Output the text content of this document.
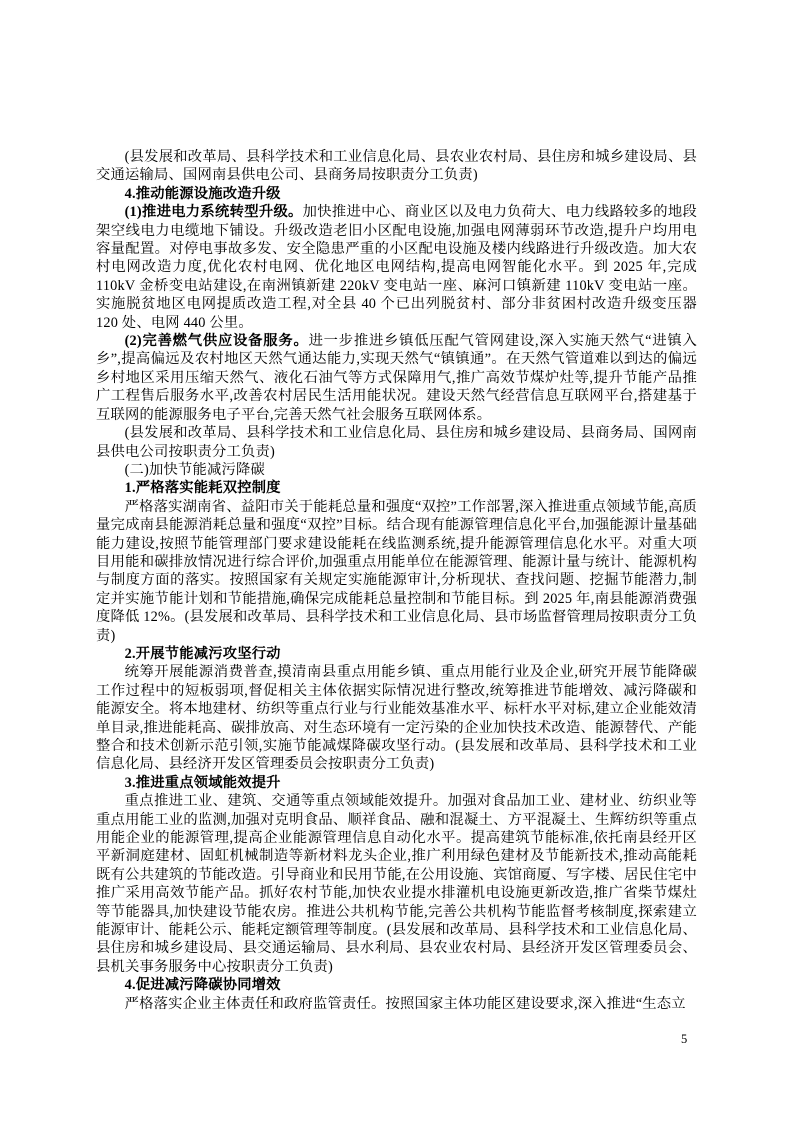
(县发展和改革局、县科学技术和工业信息化局、县农业农村局、县住房和城乡建设局、县交通运输局、国网南县供电公司、县商务局按职责分工负责)

4.推动能源设施改造升级

(1)推进电力系统转型升级。加快推进中心、商业区以及电力负荷大、电力线路较多的地段架空线电力电缆地下铺设。升级改造老旧小区配电设施,加强电网薄弱环节改造,提升户均用电容量配置。对停电事故多发、安全隐患严重的小区配电设施及楼内线路进行升级改造。加大农村电网改造力度,优化农村电网、优化地区电网结构,提高电网智能化水平。到 2025 年,完成 110kV 金桥变电站建设,在南洲镇新建 220kV 变电站一座、麻河口镇新建 110kV 变电站一座。实施脱贫地区电网提质改造工程,对全县 40 个已出列脱贫村、部分非贫困村改造升级变压器 120 处、电网 440 公里。

(2)完善燃气供应设备服务。进一步推进乡镇低压配气管网建设,深入实施天然气“进镇入乡”,提高偏远及农村地区天然气通达能力,实现天然气“镇镇通”。在天然气管道难以到达的偏远乡村地区采用压缩天然气、液化石油气等方式保障用气,推广高效节煤炉灶等,提升节能产品推广工程售后服务水平,改善农村居民生活用能状况。建设天然气经营信息互联网平台,搭建基于互联网的能源服务电子平台,完善天然气社会服务互联网体系。

(县发展和改革局、县科学技术和工业信息化局、县住房和城乡建设局、县商务局、国网南县供电公司按职责分工负责)

(二)加快节能减污降碳

1.严格落实能耗双控制度

严格落实湖南省、益阳市关于能耗总量和强度“双控”工作部署,深入推进重点领域节能,高质量完成南县能源消耗总量和强度“双控”目标。结合现有能源管理信息化平台,加强能源计量基础能力建设,按照节能管理部门要求建设能耗在线监测系统,提升能源管理信息化水平。对重大项目用能和碳排放情况进行综合评价,加强重点用能单位在能源管理、能源计量与统计、能源机构与制度方面的落实。按照国家有关规定实施能源审计,分析现状、查找问题、挖掘节能潜力,制定并实施节能计划和节能措施,确保完成能耗总量控制和节能目标。到 2025 年,南县能源消费强度降低 12%。(县发展和改革局、县科学技术和工业信息化局、县市场监督管理局按职责分工负责)

2.开展节能减污攻坚行动

统筹开展能源消费普查,摸清南县重点用能乡镇、重点用能行业及企业,研究开展节能降碳工作过程中的短板弱项,督促相关主体依据实际情况进行整改,统筹推进节能增效、减污降碳和能源安全。将本地建材、纺织等重点行业与行业能效基准水平、标杆水平对标,建立企业能效清单目录,推进能耗高、碳排放高、对生态环境有一定污染的企业加快技术改造、能源替代、产能整合和技术创新示范引领,实施节能减煤降碳攻坚行动。(县发展和改革局、县科学技术和工业信息化局、县经济开发区管理委员会按职责分工负责)

3.推进重点领域能效提升

重点推进工业、建筑、交通等重点领域能效提升。加强对食品加工业、建材业、纺织业等重点用能工业的监测,加强对克明食品、顺祥食品、融和混凝土、方平混凝土、生辉纺织等重点用能企业的能源管理,提高企业能源管理信息自动化水平。提高建筑节能标准,依托南县经开区平新洞庭建材、固虹机械制造等新材料龙头企业,推广利用绿色建材及节能新技术,推动高能耗既有公共建筑的节能改造。引导商业和民用节能,在公用设施、宾馆商厦、写字楼、居民住宅中推广采用高效节能产品。抓好农村节能,加快农业提水排灌机电设施更新改造,推广省柴节煤灶等节能器具,加快建设节能农房。推进公共机构节能,完善公共机构节能监督考核制度,探索建立能源审计、能耗公示、能耗定额管理等制度。(县发展和改革局、县科学技术和工业信息化局、县住房和城乡建设局、县交通运输局、县水利局、县农业农村局、县经济开发区管理委员会、县机关事务服务中心按职责分工负责)

4.促进减污降碳协同增效

严格落实企业主体责任和政府监管责任。按照国家主体功能区建设要求,深入推进“生态立

5
